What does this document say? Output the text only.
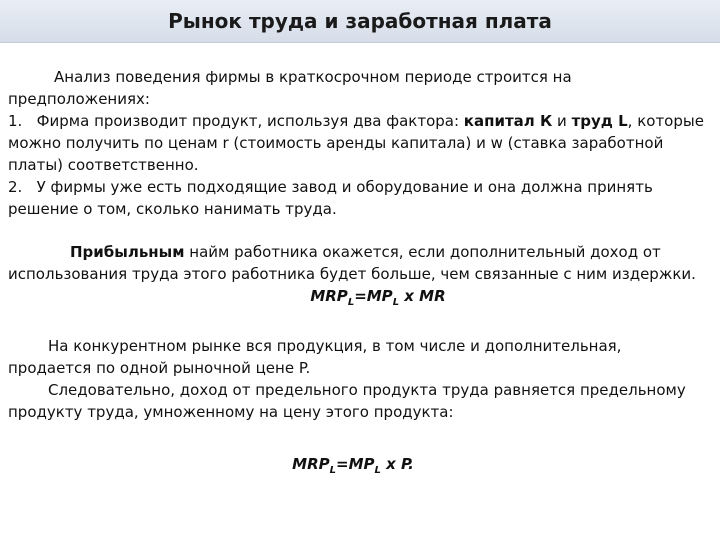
Рынок труда и заработная плата

Анализ поведения фирмы в краткосрочном периоде строится на предположениях:

1. Фирма производит продукт, используя два фактора: капитал К и труд L, которые можно получить по ценам r (стоимость аренды капитала) и w (ставка заработной платы) соответственно.

2. У фирмы уже есть подходящие завод и оборудование и она должна принять решение о том, сколько нанимать труда.

Прибыльным найм работника окажется, если дополнительный доход от использования труда этого работника будет больше, чем связанные с ним издержки.

$MRP_L=MP_L$ x MR

На конкурентном рынке вся продукция, в том числе и дополнительная, продается по одной рыночной цене P.

Следовательно, доход от предельного продукта труда равняется предельному продукту труда, умноженному на цену этого продукта:

$MRP_L=MP_L$ x P.
